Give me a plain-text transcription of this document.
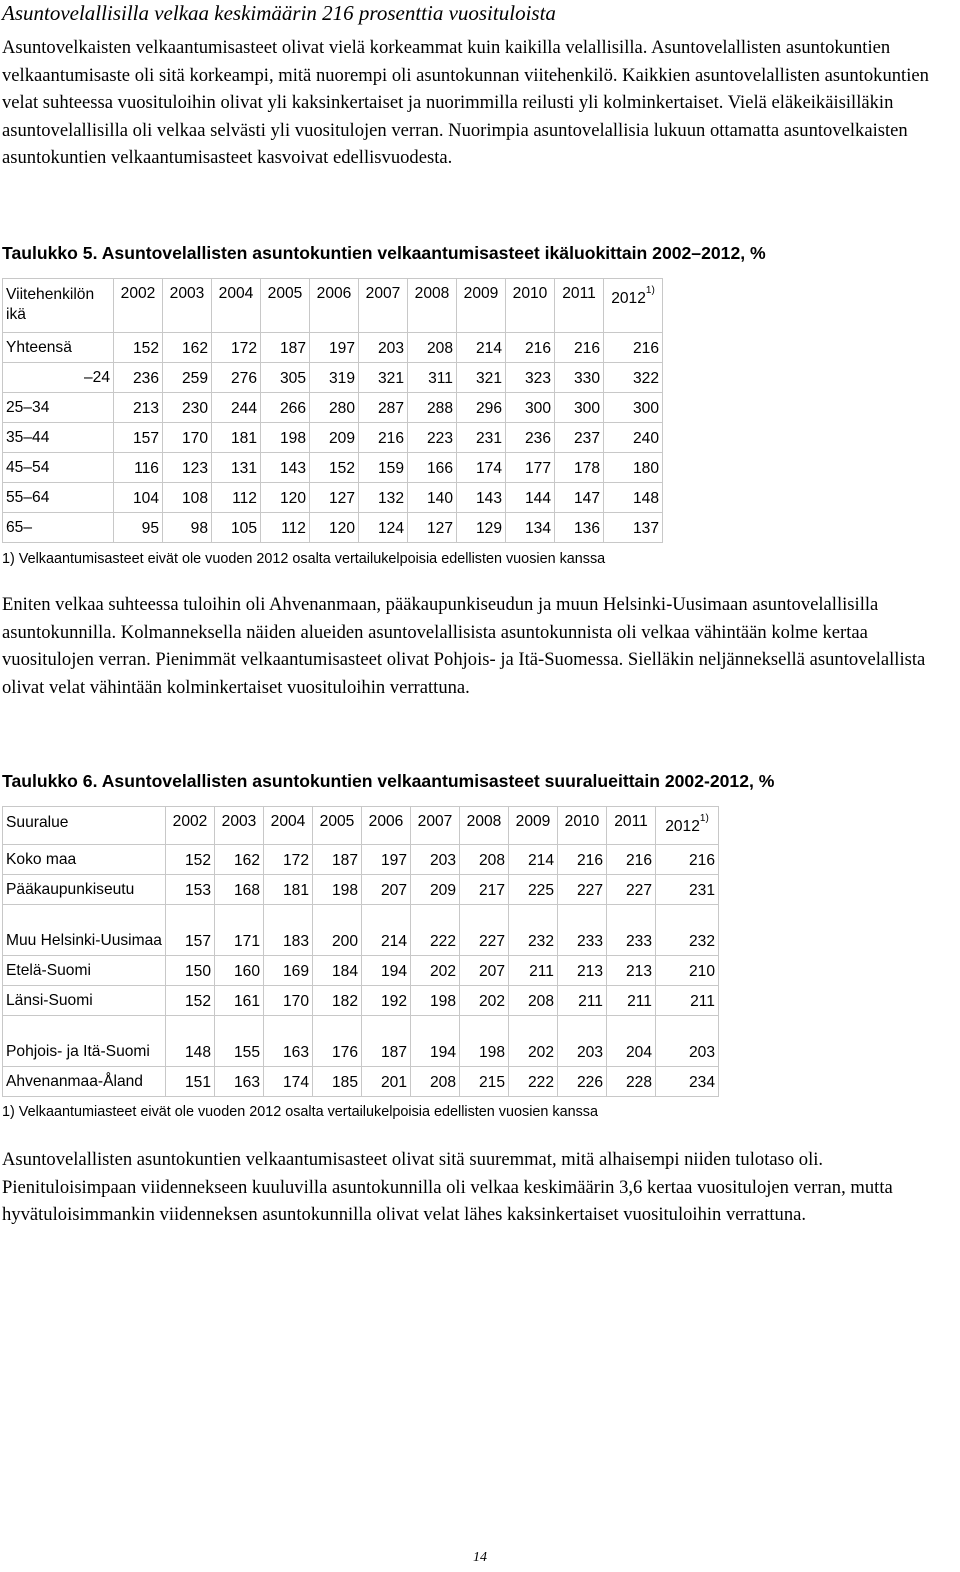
Asuntovelallisilla velkaa keskimäärin 216 prosenttia vuosituloista

Asuntovelkaisten velkaantumisasteet olivat vielä korkeammat kuin kaikilla velallisilla. Asuntovelallisten asuntokuntien velkaantumisaste oli sitä korkeampi, mitä nuorempi oli asuntokunnan viitehenkilö. Kaikkien asuntovelallisten asuntokuntien velat suhteessa vuosituloihin olivat yli kaksinkertaiset ja nuorimmilla reilusti yli kolminkertaiset. Vielä eläkeikäisilläkin asuntovelallisilla oli velkaa selvästi yli vuositulojen verran. Nuorimpia asuntovelallisia lukuun ottamatta asuntovelkaisten asuntokuntien velkaantumisasteet kasvoivat edellisvuodesta.

Taulukko 5. Asuntovelallisten asuntokuntien velkaantumisasteet ikäluokittain 2002–2012, %
Viitehenkilön ikä	2002	2003	2004	2005	2006	2007	2008	2009	2010	2011	2012$^{1)}$
Yhteensä	152	162	172	187	197	203	208	214	216	216	216
–24	236	259	276	305	319	321	311	321	323	330	322
25–34	213	230	244	266	280	287	288	296	300	300	300
35–44	157	170	181	198	209	216	223	231	236	237	240
45–54	116	123	131	143	152	159	166	174	177	178	180
55–64	104	108	112	120	127	132	140	143	144	147	148
65–	95	98	105	112	120	124	127	129	134	136	137
1) Velkaantumisasteet eivät ole vuoden 2012 osalta vertailukelpoisia edellisten vuosien kanssa

Eniten velkaa suhteessa tuloihin oli Ahvenanmaan, pääkaupunkiseudun ja muun Helsinki-Uusimaan asuntovelallisilla asuntokunnilla. Kolmanneksella näiden alueiden asuntovelallisista asuntokunnista oli velkaa vähintään kolme kertaa vuositulojen verran. Pienimmät velkaantumisasteet olivat Pohjois- ja Itä-Suomessa. Sielläkin neljänneksellä asuntovelallista olivat velat vähintään kolminkertaiset vuosituloihin verrattuna.

Taulukko 6. Asuntovelallisten asuntokuntien velkaantumisasteet suuralueittain 2002-2012, %
Suuralue	2002	2003	2004	2005	2006	2007	2008	2009	2010	2011	2012$^{1)}$
Koko maa	152	162	172	187	197	203	208	214	216	216	216
Pääkaupunkiseutu	153	168	181	198	207	209	217	225	227	227	231
Muu Helsinki-Uusimaa	157	171	183	200	214	222	227	232	233	233	232
Etelä-Suomi	150	160	169	184	194	202	207	211	213	213	210
Länsi-Suomi	152	161	170	182	192	198	202	208	211	211	211
Pohjois- ja Itä-Suomi	148	155	163	176	187	194	198	202	203	204	203
Ahvenanmaa-Åland	151	163	174	185	201	208	215	222	226	228	234
1) Velkaantumiasteet eivät ole vuoden 2012 osalta vertailukelpoisia edellisten vuosien kanssa

Asuntovelallisten asuntokuntien velkaantumisasteet olivat sitä suuremmat, mitä alhaisempi niiden tulotaso oli. Pienituloisimpaan viidennekseen kuuluvilla asuntokunnilla oli velkaa keskimäärin 3,6 kertaa vuositulojen verran, mutta hyvätuloisimmankin viidenneksen asuntokunnilla olivat velat lähes kaksinkertaiset vuosituloihin verrattuna.

14
